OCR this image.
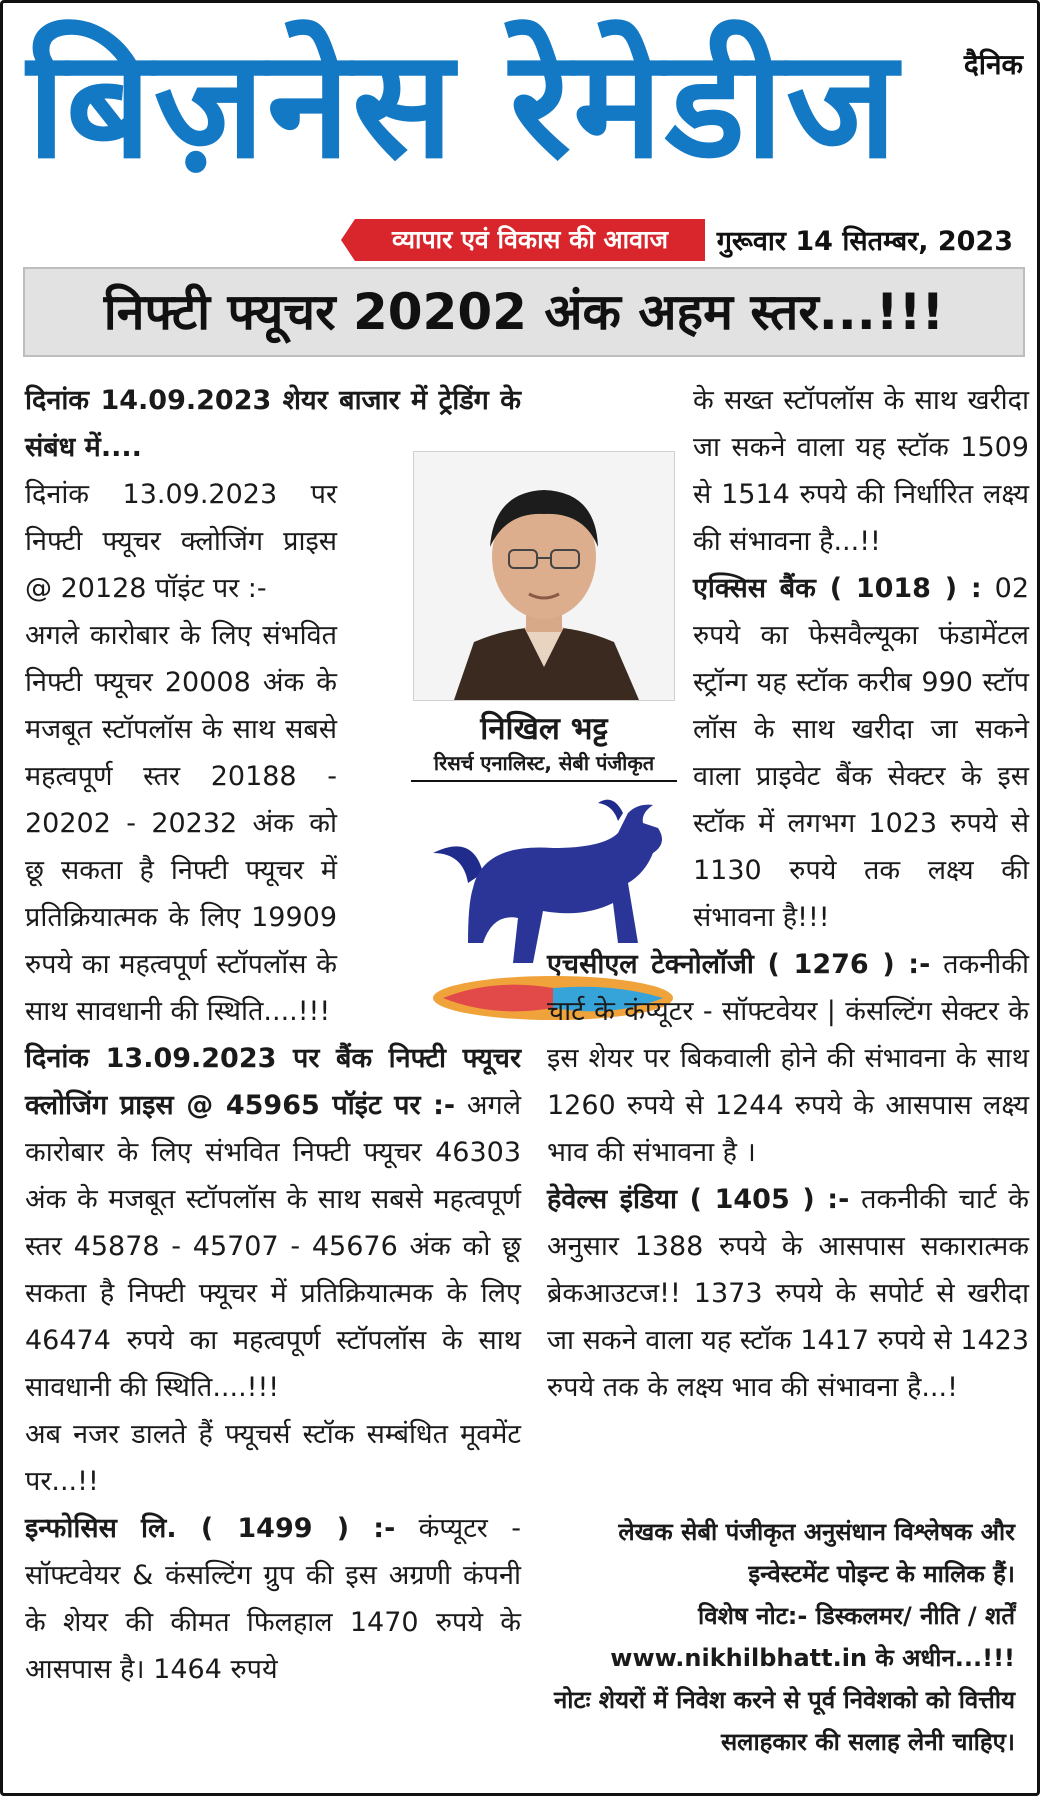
बिज़नेस रेमेडीज दैनिक
व्यापार एवं विकास की आवाज	गुरूवार 14 सितम्बर, 2023
निफ्टी फ्यूचर 20202 अंक अहम स्तर...!!!

दिनांक 14.09.2023 शेयर बाजार में ट्रेडिंग के संबंध में....

दिनांक 13.09.2023 पर निफ्टी फ्यूचर क्लोजिंग प्राइस @ 20128 पॉइंट पर :-

अगले कारोबार के लिए संभवित निफ्टी फ्यूचर 20008 अंक के मजबूत स्टॉपलॉस के साथ सबसे महत्वपूर्ण स्तर 20188 - 20202 - 20232 अंक को छू सकता है निफ्टी फ्यूचर में प्रतिक्रियात्मक के लिए 19909 रुपये का महत्वपूर्ण स्टॉपलॉस के साथ सावधानी की स्थिति....!!!

दिनांक 13.09.2023 पर बैंक निफ्टी फ्यूचर क्लोजिंग प्राइस @ 45965 पॉइंट पर :- अगले कारोबार के लिए संभवित निफ्टी फ्यूचर 46303 अंक के मजबूत स्टॉपलॉस के साथ सबसे महत्वपूर्ण स्तर 45878 - 45707 - 45676 अंक को छू सकता है निफ्टी फ्यूचर में प्रतिक्रियात्मक के लिए 46474 रुपये का महत्वपूर्ण स्टॉपलॉस के साथ सावधानी की स्थिति....!!!

अब नजर डालते हैं फ्यूचर्स स्टॉक सम्बंधित मूवमेंट पर...!!

इन्फोसिस लि. ( 1499 ) :- कंप्यूटर - सॉफ्टवेयर & कंसल्टिंग ग्रुप की इस अग्रणी कंपनी के शेयर की कीमत फिलहाल 1470 रुपये के आसपास है। 1464 रुपये

निखिल भट्ट
रिसर्च एनालिस्ट, सेबी पंजीकृत

के सख्त स्टॉपलॉस के साथ खरीदा जा सकने वाला यह स्टॉक 1509 से 1514 रुपये की निर्धारित लक्ष्य की संभावना है...!!

एक्सिस बैंक ( 1018 ) : 02 रुपये का फेसवैल्यूका फंडामेंटल स्ट्रॉन्ग यह स्टॉक करीब 990 स्टॉप लॉस के साथ खरीदा जा सकने वाला प्राइवेट बैंक सेक्टर के इस स्टॉक में लगभग 1023 रुपये से 1130 रुपये तक लक्ष्य की संभावना है!!!

एचसीएल टेक्नोलॉजी ( 1276 ) :- तकनीकी चार्ट के कंप्यूटर - सॉफ्टवेयर | कंसल्टिंग सेक्टर के इस शेयर पर बिकवाली होने की संभावना के साथ 1260 रुपये से 1244 रुपये के आसपास लक्ष्य भाव की संभावना है ।

हेवेल्स इंडिया ( 1405 ) :- तकनीकी चार्ट के अनुसार 1388 रुपये के आसपास सकारात्मक ब्रेकआउटज!! 1373 रुपये के सपोर्ट से खरीदा जा सकने वाला यह स्टॉक 1417 रुपये से 1423 रुपये तक के लक्ष्य भाव की संभावना है...!

लेखक सेबी पंजीकृत अनुसंधान विश्लेषक और इन्वेस्टमेंट पोइन्ट के मालिक हैं।

विशेष नोट:- डिस्कलमर/ नीति / शर्तें

www.nikhilbhatt.in के अधीन...!!!

नोटः शेयरों में निवेश करने से पूर्व निवेशको को वित्तीय सलाहकार की सलाह लेनी चाहिए।
